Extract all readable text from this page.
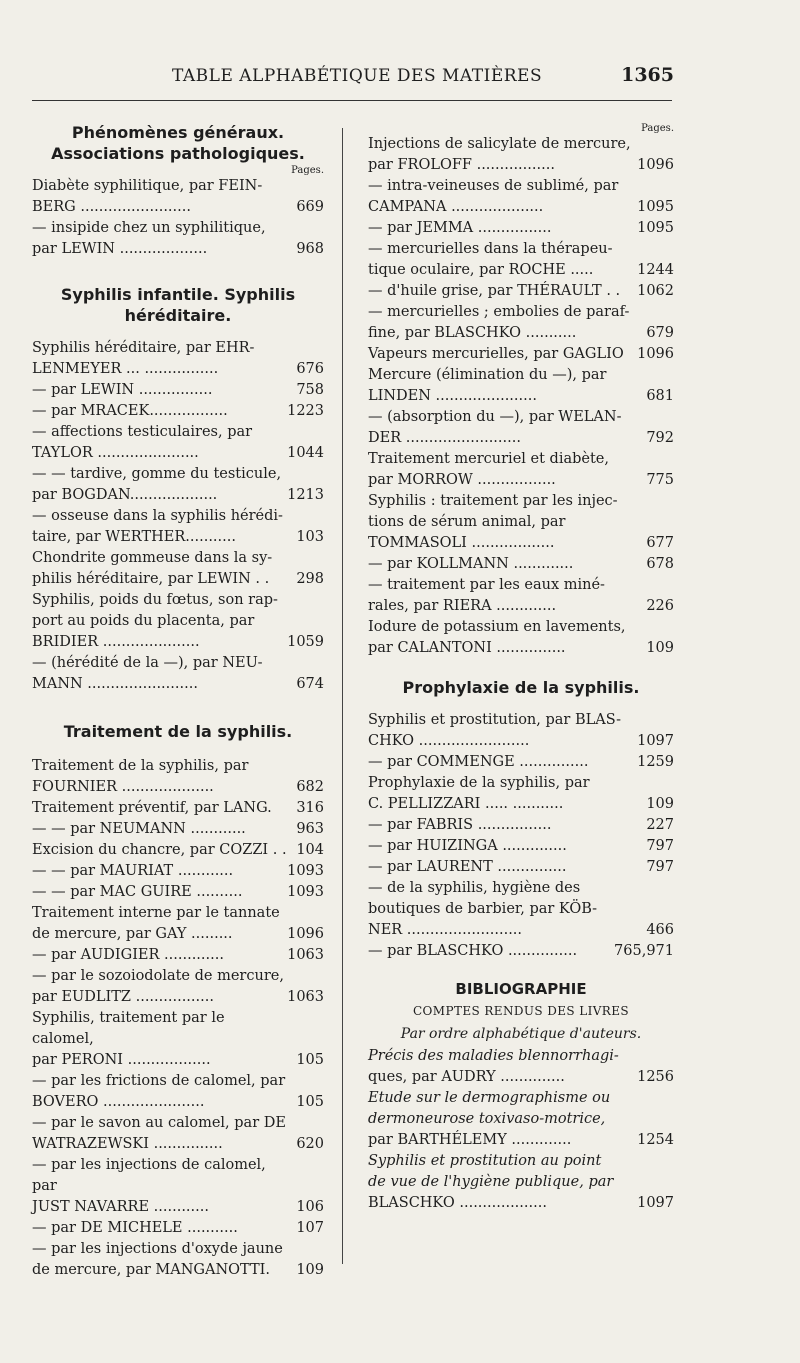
TABLE ALPHABÉTIQUE DES MATIÈRES	1365
Phénomènes généraux. Associations pathologiques.
Pages.
Diabète syphilitique, par FEIN-
BERG ........................	669
— insipide chez un syphilitique,
par LEWIN ...................	968
Syphilis infantile. Syphilis héréditaire.
Syphilis héréditaire, par EHR-
LENMEYER ... ................	676
— par LEWIN ................	758
— par MRACEK.................	1223
— affections testiculaires, par
TAYLOR ......................	1044
— — tardive, gomme du testicule,
par BOGDAN...................	1213
— osseuse dans la syphilis hérédi-
taire, par WERTHER...........	103
Chondrite gommeuse dans la sy-
philis héréditaire, par LEWIN . .	298
Syphilis, poids du fœtus, son rap-
port au poids du placenta, par
BRIDIER .....................	1059
— (hérédité de la —), par NEU-
MANN ........................	674
Traitement de la syphilis.
Traitement de la syphilis, par
FOURNIER ....................	682
Traitement préventif, par LANG.	316
— — par NEUMANN ............	963
Excision du chancre, par COZZI . . 104
— — par MAURIAT ............	1093
— — par MAC GUIRE ..........	1093
Traitement interne par le tannate
de mercure, par GAY .........	1096
— par AUDIGIER .............	1063
— par le sozoiodolate de mercure,
par EUDLITZ .................	1063
Syphilis, traitement par le calomel,
par PERONI ..................	105
— par les frictions de calomel, par
BOVERO ......................	105
— par le savon au calomel, par DE
WATRAZEWSKI ...............	620
— par les injections de calomel, par
JUST NAVARRE ............	106
— par DE MICHELE ...........	107
— par les injections d'oxyde jaune
de mercure, par MANGANOTTI.	109
Pages.
Injections de salicylate de mercure,
par FROLOFF .................	1096
— intra-veineuses de sublimé, par
CAMPANA ....................	1095
— par JEMMA ................	1095
— mercurielles dans la thérapeu-
tique oculaire, par ROCHE .....	1244
— d'huile grise, par THÉRAULT . .	1062
— mercurielles ; embolies de paraf-
fine, par BLASCHKO ...........	679
Vapeurs mercurielles, par GAGLIO 1096
Mercure (élimination du —), par
LINDEN ......................	681
— (absorption du —), par WELAN-
DER .........................	792
Traitement mercuriel et diabète,
par MORROW .................	775
Syphilis : traitement par les injec-
tions de sérum animal, par
TOMMASOLI ..................	677
— par KOLLMANN .............	678
— traitement par les eaux miné-
rales, par RIERA .............	226
Iodure de potassium en lavements,
par CALANTONI ...............	109
Prophylaxie de la syphilis.
Syphilis et prostitution, par BLAS-
CHKO ........................	1097
— par COMMENGE ...............	1259
Prophylaxie de la syphilis, par
C. PELLIZZARI ..... ...........	109
— par FABRIS ................	227
— par HUIZINGA ..............	797
— par LAURENT ...............	797
— de la syphilis, hygiène des
boutiques de barbier, par KÖB-
NER .........................	466
— par BLASCHKO ...............	765,971
BIBLIOGRAPHIE
COMPTES RENDUS DES LIVRES
Par ordre alphabétique d'auteurs.
Précis des maladies blennorrhagi-
ques, par AUDRY ..............	1256
Etude sur le dermographisme ou
dermoneurose toxivaso-motrice,
par BARTHÉLEMY .............	1254
Syphilis et prostitution au point
de vue de l'hygiène publique, par
BLASCHKO ...................	1097
